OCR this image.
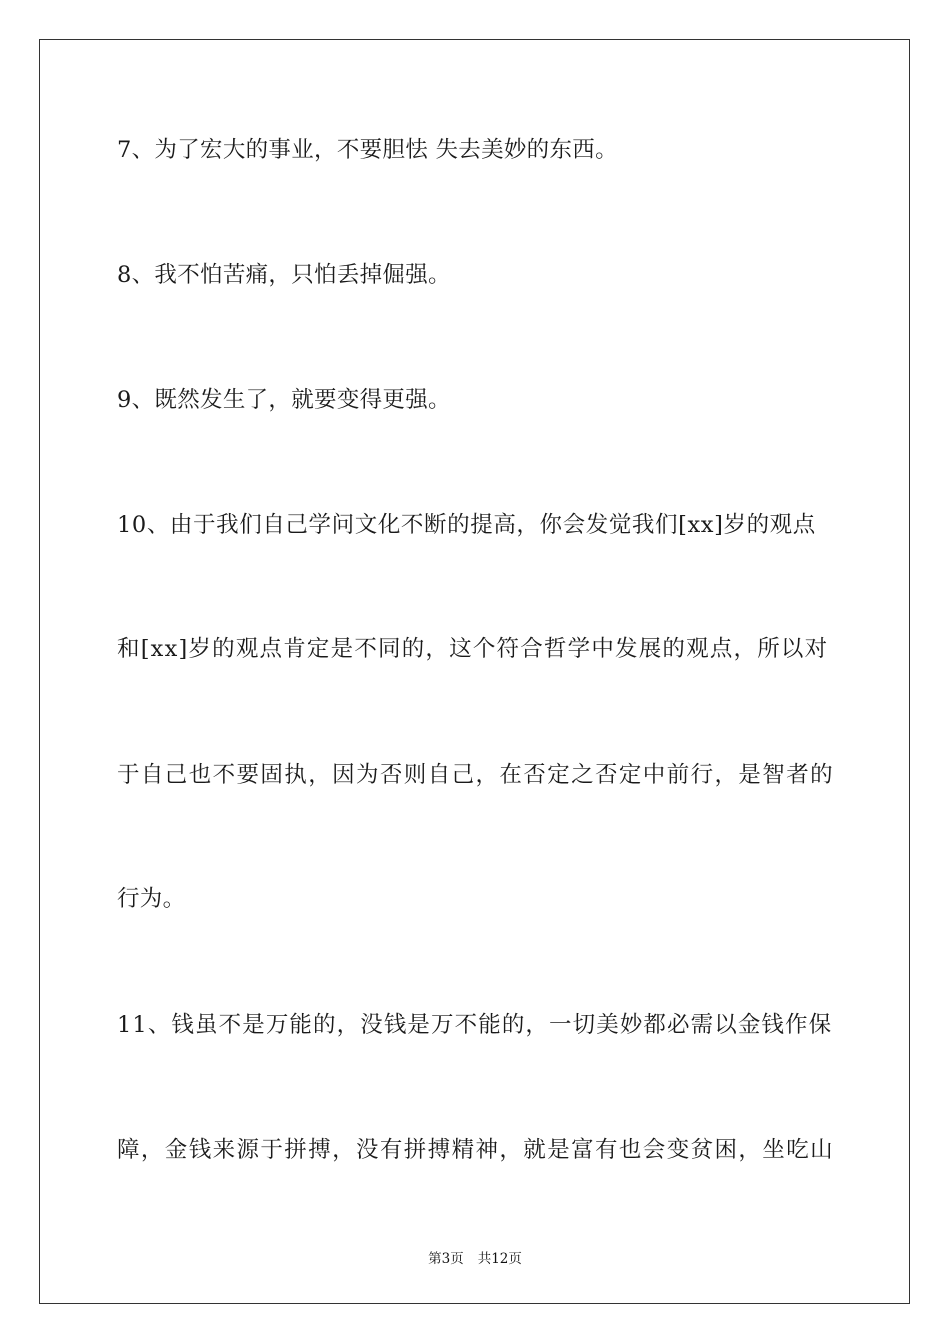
7、为了宏大的事业，不要胆怯 失去美妙的东西。
8、我不怕苦痛，只怕丢掉倔强。
9、既然发生了，就要变得更强。
10、由于我们自己学问文化不断的提高，你会发觉我们[xx]岁的观点
和[xx]岁的观点肯定是不同的，这个符合哲学中发展的观点，所以对
于自己也不要固执，因为否则自己，在否定之否定中前行，是智者的
行为。
11、钱虽不是万能的，没钱是万不能的，一切美妙都必需以金钱作保
障，金钱来源于拼搏，没有拼搏精神，就是富有也会变贫困，坐吃山
第3页 共12页
